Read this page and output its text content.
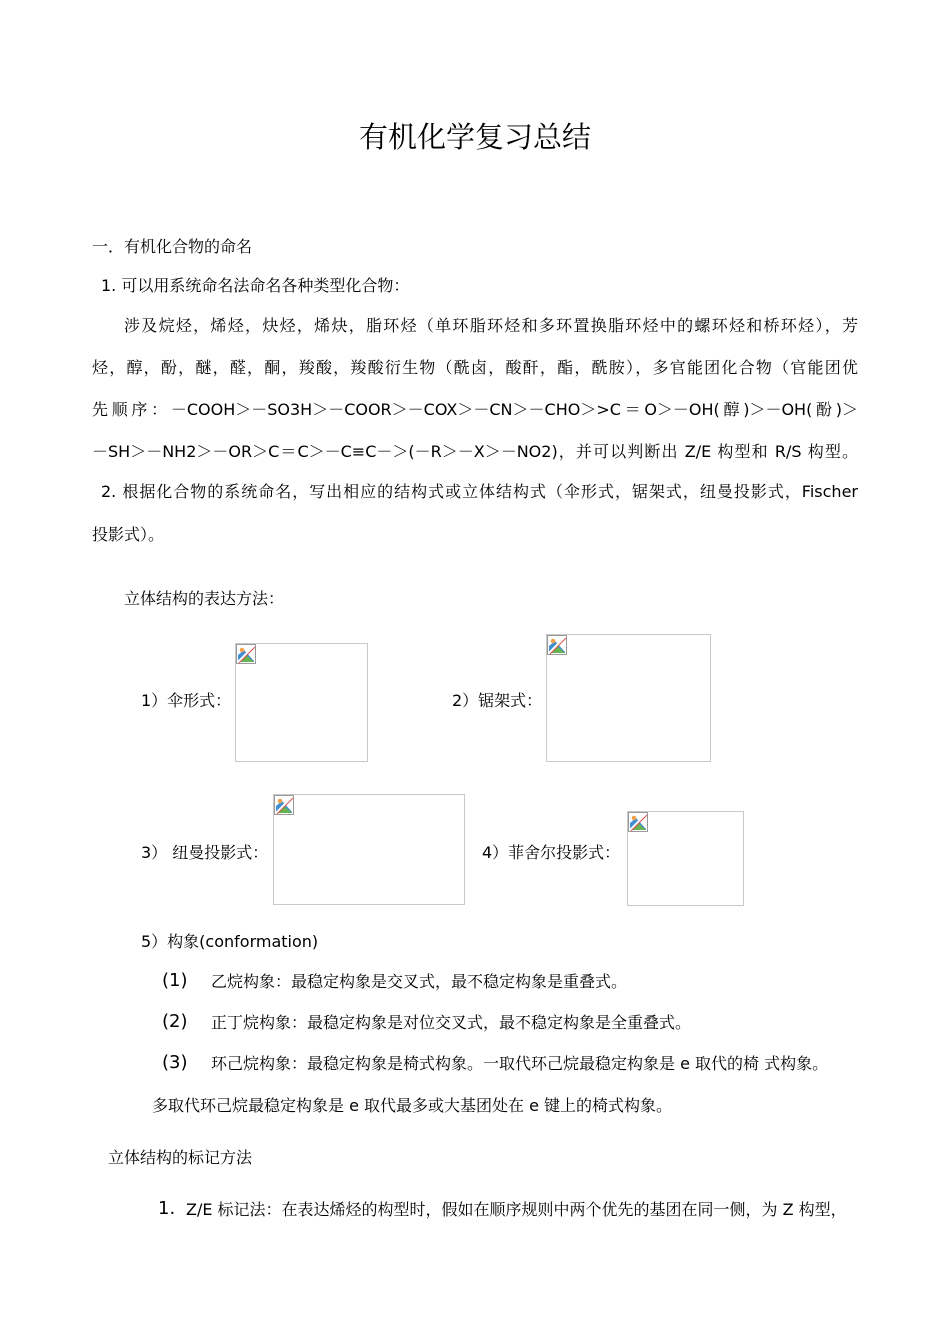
有机化学复习总结
一．有机化合物的命名
1. 可以用系统命名法命名各种类型化合物：
涉及烷烃，烯烃，炔烃，烯炔，脂环烃（单环脂环烃和多环置换脂环烃中的螺环烃和桥环烃），芳
烃，醇，酚，醚，醛，酮，羧酸，羧酸衍生物（酰卤，酸酐，酯，酰胺），多官能团化合物（官能团优
先顺序：－COOH＞－SO3H＞－COOR＞－COX＞－CN＞－CHO＞>C＝O＞－OH(醇)＞－OH(酚)＞
－SH＞－NH2＞－OR＞C＝C＞－C≡C－＞(－R＞－X＞－NO2)，并可以判断出 Z/E 构型和 R/S 构型。
2. 根据化合物的系统命名，写出相应的结构式或立体结构式（伞形式，锯架式，纽曼投影式，Fischer
投影式）。
立体结构的表达方法：
1）伞形式：	2）锯架式：
3） 纽曼投影式：	4）菲舍尔投影式：
5）构象(conformation)
(1) 乙烷构象：最稳定构象是交叉式，最不稳定构象是重叠式。
(2) 正丁烷构象：最稳定构象是对位交叉式，最不稳定构象是全重叠式。
(3) 环己烷构象：最稳定构象是椅式构象。一取代环己烷最稳定构象是 e 取代的椅 式构象。
多取代环己烷最稳定构象是 e 取代最多或大基团处在 e 键上的椅式构象。
立体结构的标记方法
1. Z/E 标记法：在表达烯烃的构型时，假如在顺序规则中两个优先的基团在同一侧，为 Z 构型，
